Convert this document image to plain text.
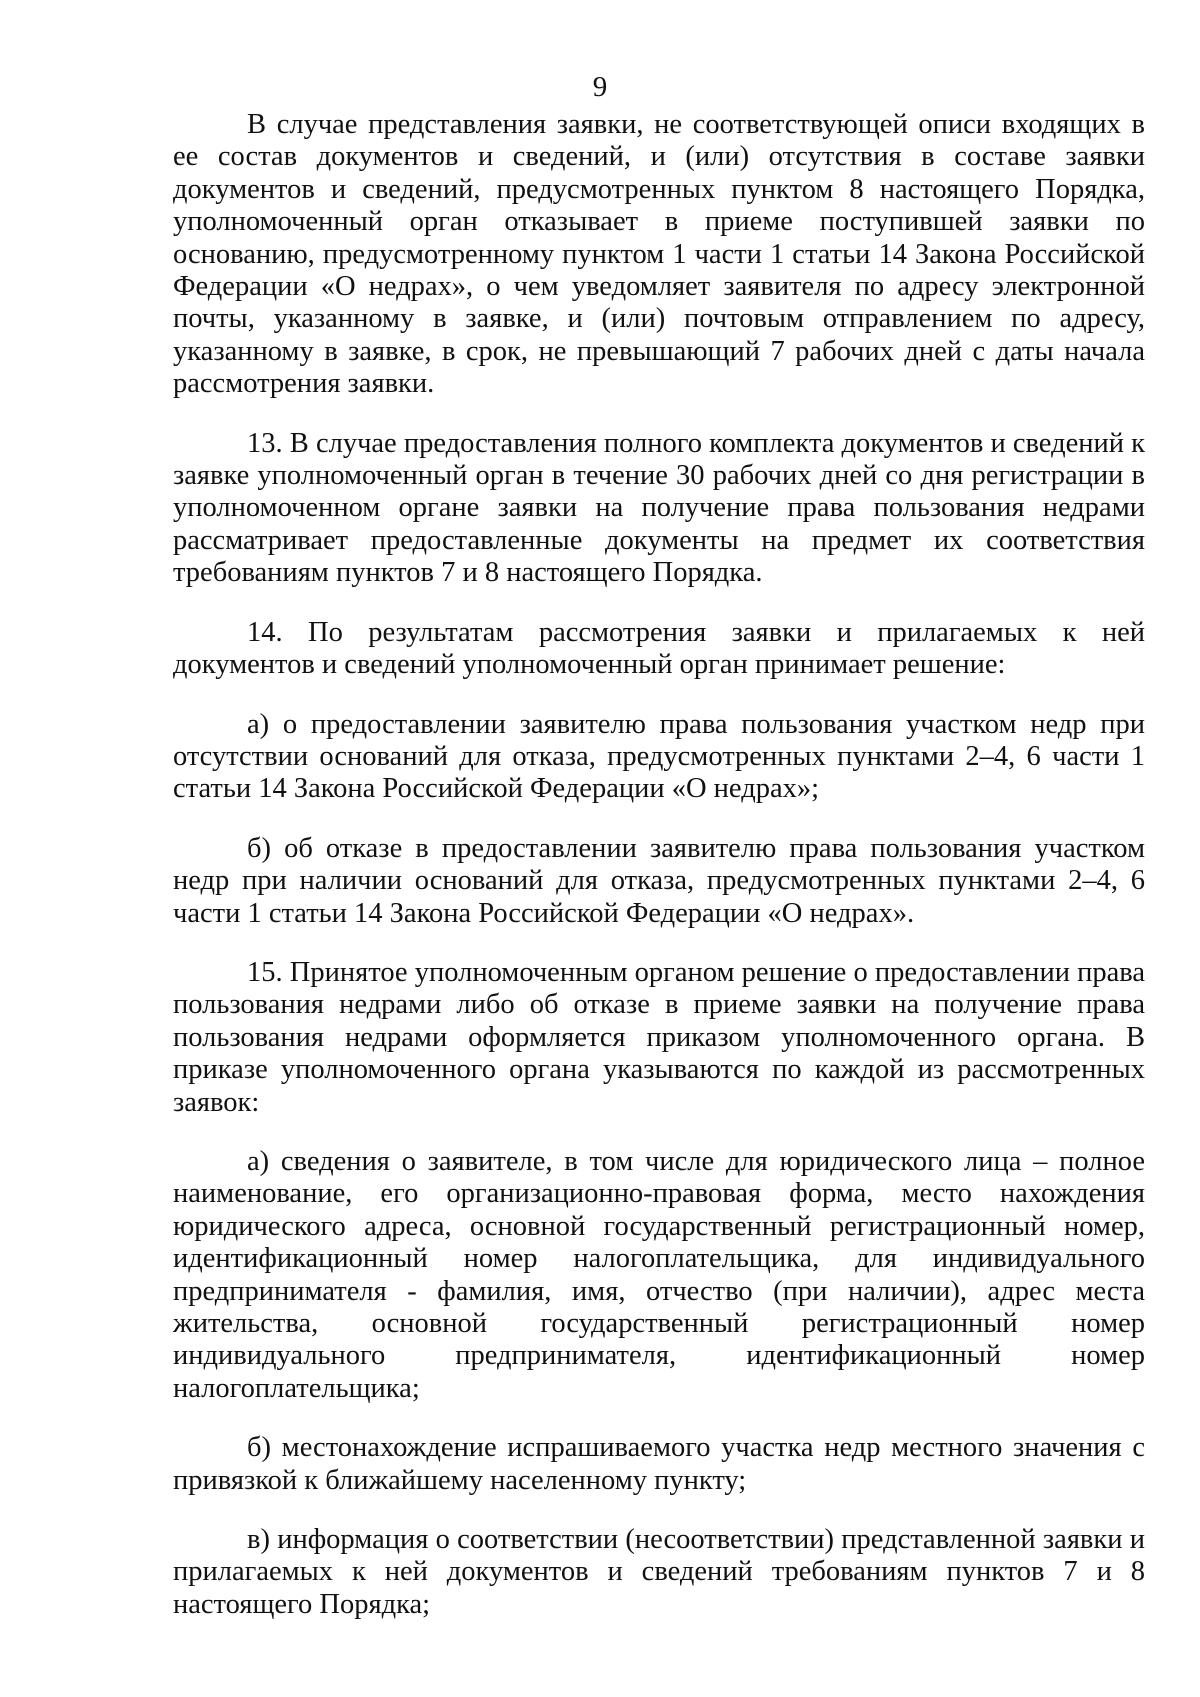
9

В случае представления заявки, не соответствующей описи входящих в ее состав документов и сведений, и (или) отсутствия в составе заявки документов и сведений, предусмотренных пунктом 8 настоящего Порядка, уполномоченный орган отказывает в приеме поступившей заявки по основанию, предусмотренному пунктом 1 части 1 статьи 14 Закона Российской Федерации «О недрах», о чем уведомляет заявителя по адресу электронной почты, указанному в заявке, и (или) почтовым отправлением по адресу, указанному в заявке, в срок, не превышающий 7 рабочих дней с даты начала рассмотрения заявки.

13. В случае предоставления полного комплекта документов и сведений к заявке уполномоченный орган в течение 30 рабочих дней со дня регистрации в уполномоченном органе заявки на получение права пользования недрами рассматривает предоставленные документы на предмет их соответствия требованиям пунктов 7 и 8 настоящего Порядка.

14. По результатам рассмотрения заявки и прилагаемых к ней документов и сведений уполномоченный орган принимает решение:

а) о предоставлении заявителю права пользования участком недр при отсутствии оснований для отказа, предусмотренных пунктами 2–4, 6 части 1 статьи 14 Закона Российской Федерации «О недрах»;

б) об отказе в предоставлении заявителю права пользования участком недр при наличии оснований для отказа, предусмотренных пунктами 2–4, 6 части 1 статьи 14 Закона Российской Федерации «О недрах».

15. Принятое уполномоченным органом решение о предоставлении права пользования недрами либо об отказе в приеме заявки на получение права пользования недрами оформляется приказом уполномоченного органа. В приказе уполномоченного органа указываются по каждой из рассмотренных заявок:

а) сведения о заявителе, в том числе для юридического лица – полное наименование, его организационно-правовая форма, место нахождения юридического адреса, основной государственный регистрационный номер, идентификационный номер налогоплательщика, для индивидуального предпринимателя - фамилия, имя, отчество (при наличии), адрес места жительства, основной государственный регистрационный номер индивидуального предпринимателя, идентификационный номер налогоплательщика;

б) местонахождение испрашиваемого участка недр местного значения с привязкой к ближайшему населенному пункту;

в) информация о соответствии (несоответствии) представленной заявки и прилагаемых к ней документов и сведений требованиям пунктов 7 и 8 настоящего Порядка;
